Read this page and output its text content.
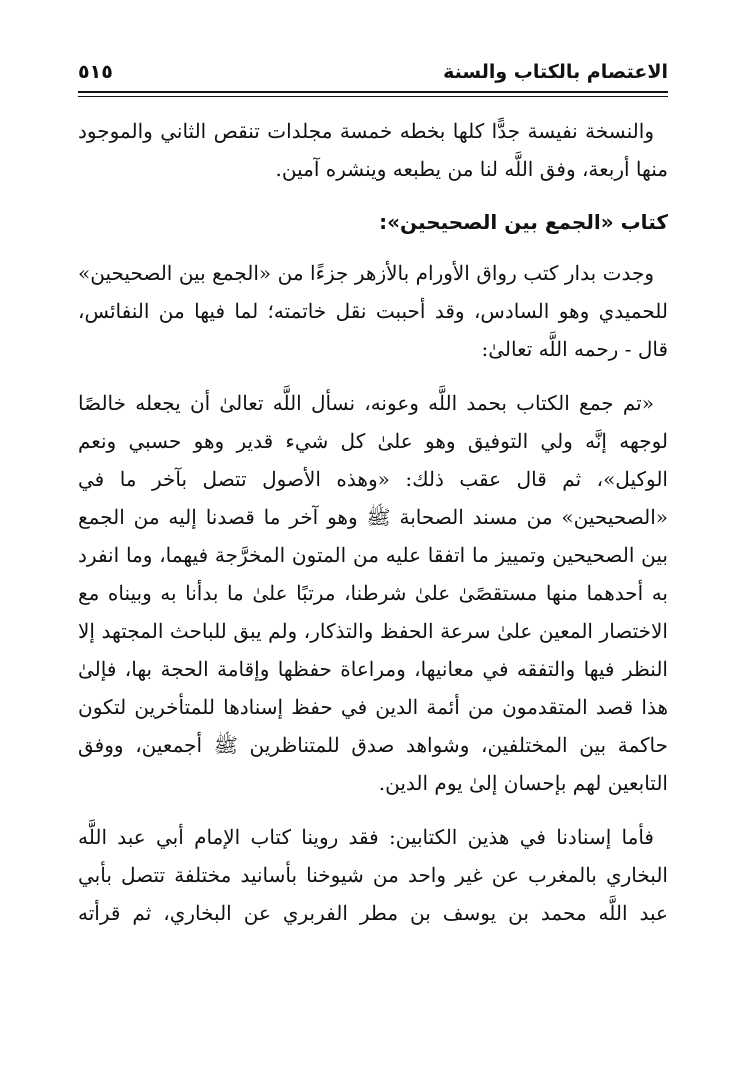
الاعتصام بالكتاب والسنة
٥١٥

والنسخة نفيسة جدًّا كلها بخطه خمسة مجلدات تنقص الثاني والموجود منها أربعة، وفق اللَّه لنا من يطبعه وينشره آمين.

كتاب «الجمع بين الصحيحين»:

وجدت بدار كتب رواق الأورام بالأزهر جزءًا من «الجمع بين الصحيحين» للحميدي وهو السادس، وقد أحببت نقل خاتمته؛ لما فيها من النفائس، قال - رحمه اللَّه تعالىٰ:

«تم جمع الكتاب بحمد اللَّه وعونه، نسأل اللَّه تعالىٰ أن يجعله خالصًا لوجهه إنَّه ولي التوفيق وهو علىٰ كل شيء قدير وهو حسبي ونعم الوكيل»، ثم قال عقب ذلك: «وهذه الأصول تتصل بآخر ما في «الصحيحين» من مسند الصحابة ﷺ وهو آخر ما قصدنا إليه من الجمع بين الصحيحين وتمييز ما اتفقا عليه من المتون المخرَّجة فيهما، وما انفرد به أحدهما منها مستقصًىٰ علىٰ شرطنا، مرتبًا علىٰ ما بدأنا به وبيناه مع الاختصار المعين علىٰ سرعة الحفظ والتذكار، ولم يبق للباحث المجتهد إلا النظر فيها والتفقه في معانيها، ومراعاة حفظها وإقامة الحجة بها، فإلىٰ هذا قصد المتقدمون من أئمة الدين في حفظ إسنادها للمتأخرين لتكون حاكمة بين المختلفين، وشواهد صدق للمتناظرين ﷺ أجمعين، ووفق التابعين لهم بإحسان إلىٰ يوم الدين.

فأما إسنادنا في هذين الكتابين: فقد روينا كتاب الإمام أبي عبد اللَّه البخاري بالمغرب عن غير واحد من شيوخنا بأسانيد مختلفة تتصل بأبي عبد اللَّه محمد بن يوسف بن مطر الفربري عن البخاري، ثم قرأته
